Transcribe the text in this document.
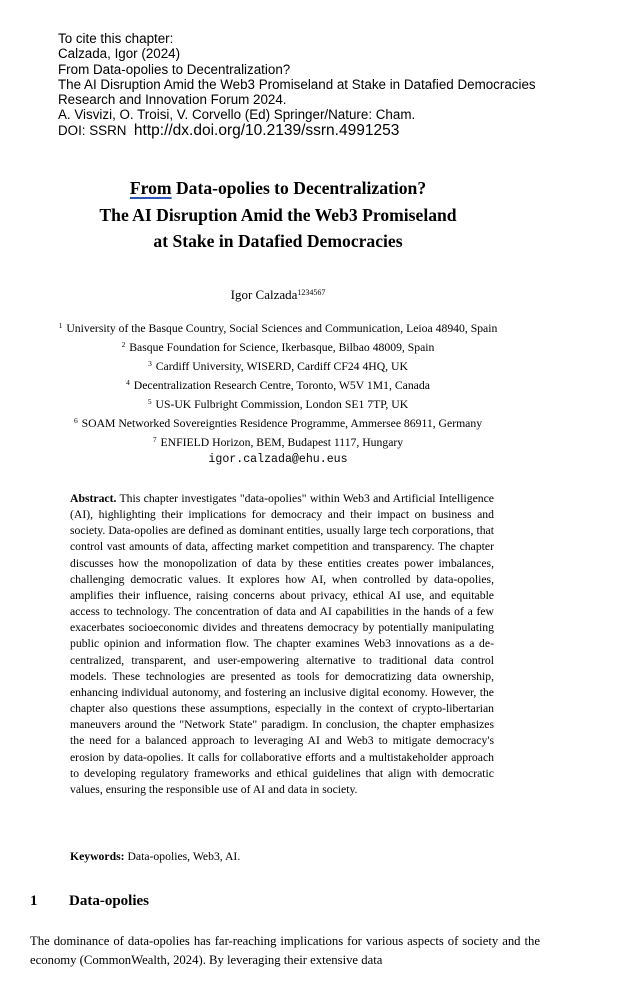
To cite this chapter:
Calzada, Igor (2024)
From Data-opolies to Decentralization?
The AI Disruption Amid the Web3 Promiseland at Stake in Datafied Democracies
Research and Innovation Forum 2024.
A. Visvizi, O. Troisi, V. Corvello (Ed) Springer/Nature: Cham.
DOI: SSRN http://dx.doi.org/10.2139/ssrn.4991253
From Data-opolies to Decentralization?
The AI Disruption Amid the Web3 Promiseland
at Stake in Datafied Democracies
Igor Calzada$^{1234567}$
$^1$ University of the Basque Country, Social Sciences and Communication, Leioa 48940, Spain
$^2$ Basque Foundation for Science, Ikerbasque, Bilbao 48009, Spain
$^3$ Cardiff University, WISERD, Cardiff CF24 4HQ, UK
$^4$ Decentralization Research Centre, Toronto, W5V 1M1, Canada
$^5$ US-UK Fulbright Commission, London SE1 7TP, UK
$^6$ SOAM Networked Sovereignties Residence Programme, Ammersee 86911, Germany
$^7$ ENFIELD Horizon, BEM, Budapest 1117, Hungary
igor.calzada@ehu.eus

Abstract. This chapter investigates "data-opolies" within Web3 and Artificial Intelligence (AI), highlighting their implications for democracy and their impact on business and society. Data-opolies are defined as dominant entities, usually large tech corporations, that control vast amounts of data, affecting market competition and transparency. The chapter discusses how the monopolization of data by these entities creates power imbalances, challenging democratic values. It explores how AI, when controlled by data-opolies, amplifies their influence, raising concerns about privacy, ethical AI use, and equitable access to technology. The concentration of data and AI capabilities in the hands of a few exacerbates socioeconomic divides and threatens democracy by potentially manipulating public opinion and information flow. The chapter examines Web3 innovations as a decentralized, transparent, and user-empowering alternative to traditional data control models. These technologies are presented as tools for democratizing data ownership, enhancing individual autonomy, and fostering an inclusive digital economy. However, the chapter also questions these assumptions, especially in the context of crypto-libertarian maneuvers around the "Network State" paradigm. In conclusion, the chapter emphasizes the need for a balanced approach to leveraging AI and Web3 to mitigate democracy's erosion by data-opolies. It calls for collaborative efforts and a multistakeholder approach to developing regulatory frameworks and ethical guidelines that align with democratic values, ensuring the responsible use of AI and data in society.

Keywords: Data-opolies, Web3, AI.
1 Data-opolies

The dominance of data-opolies has far-reaching implications for various aspects of society and the economy (CommonWealth, 2024). By leveraging their extensive data
